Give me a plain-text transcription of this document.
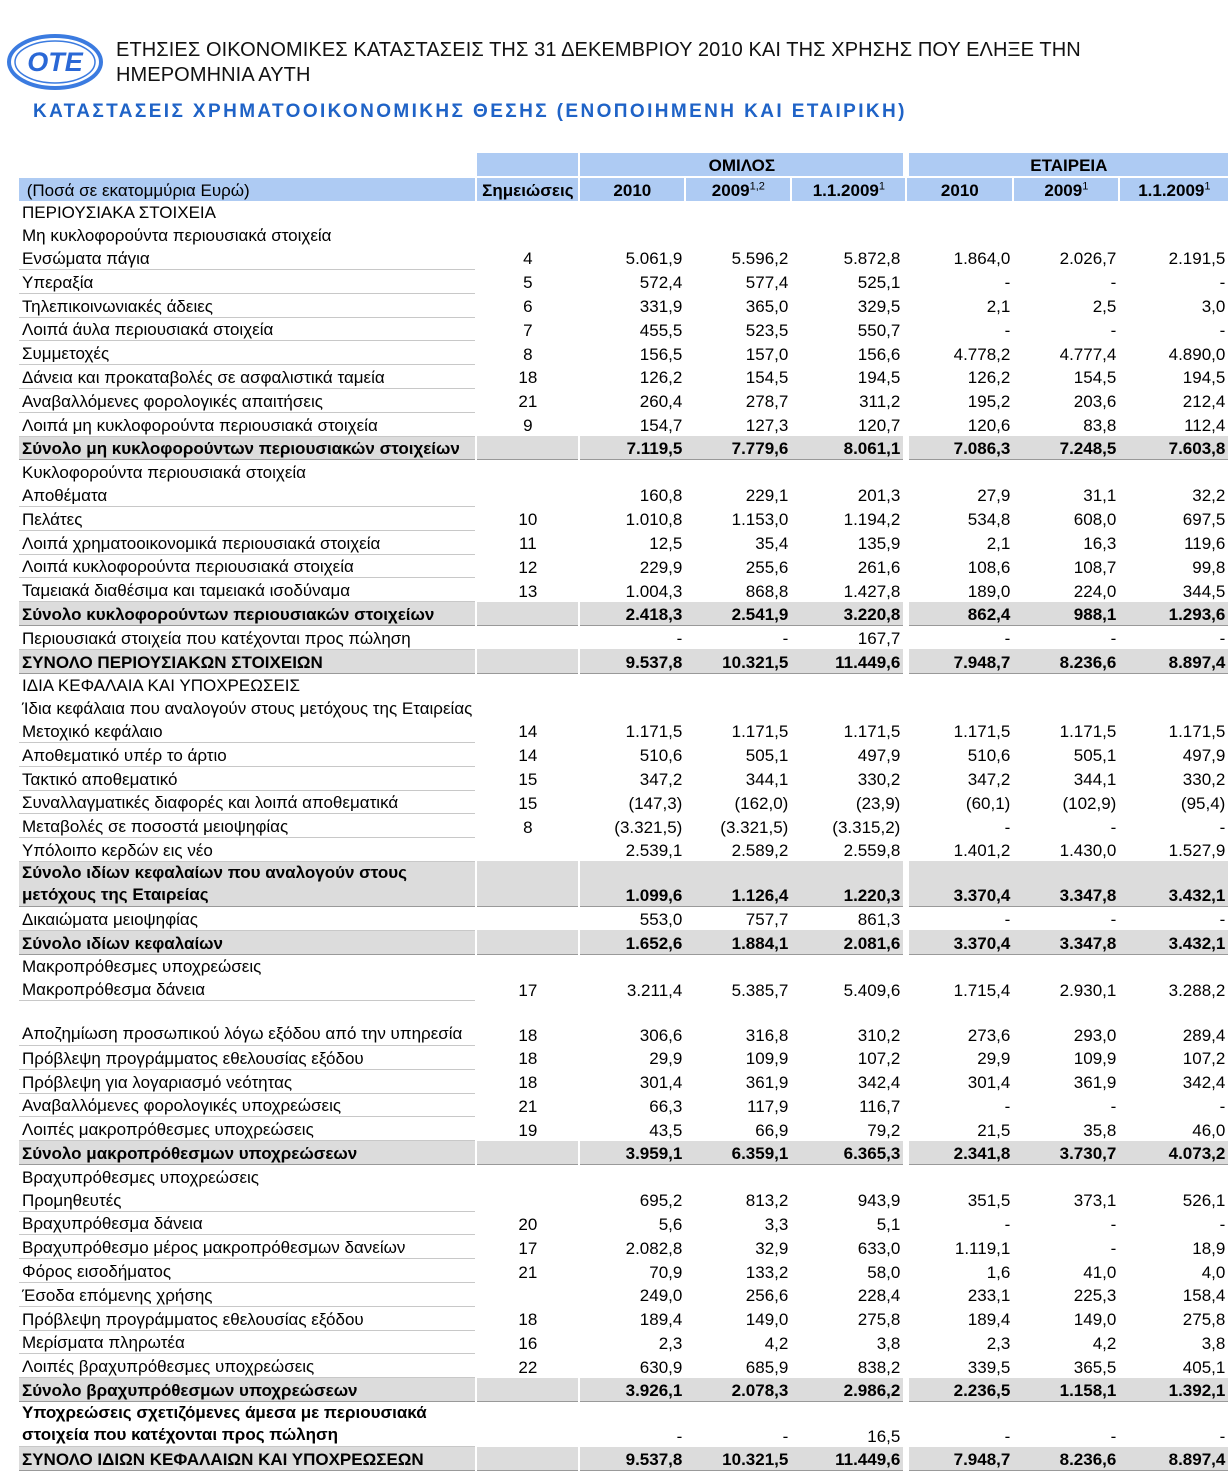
OTE ΕΤΗΣΙΕΣ ΟΙΚΟΝΟΜΙΚΕΣ ΚΑΤΑΣΤΑΣΕΙΣ ΤΗΣ 31 ΔΕΚΕΜΒΡΙΟΥ 2010 ΚΑΙ ΤΗΣ ΧΡΗΣΗΣ ΠΟΥ ΕΛΗΞΕ ΤΗΝ ΗΜΕΡΟΜΗΝΙΑ ΑΥΤΗ
ΚΑΤΑΣΤΑΣΕΙΣ ΧΡΗΜΑΤΟΟΙΚΟΝΟΜΙΚΗΣ ΘΕΣΗΣ (ΕΝΟΠΟΙΗΜΕΝΗ ΚΑΙ ΕΤΑΙΡΙΚΗ)
		ΟΜΙΛΟΣ			ΕΤΑΙΡΕΙΑ		
(Ποσά σε εκατομμύρια Ευρώ)	Σημειώσεις	2010	2009$^{1,2}$	1.1.2009$^1$	2010	2009$^1$	1.1.2009$^1$
ΠΕΡΙΟΥΣΙΑΚΑ ΣΤΟΙΧΕΙΑ							
Μη κυκλοφορούντα περιουσιακά στοιχεία							
Ενσώματα πάγια	4	5.061,9	5.596,2	5.872,8	1.864,0	2.026,7	2.191,5
Υπεραξία	5	572,4	577,4	525,1	-	-	-
Τηλεπικοινωνιακές άδειες	6	331,9	365,0	329,5	2,1	2,5	3,0
Λοιπά άυλα περιουσιακά στοιχεία	7	455,5	523,5	550,7	-	-	-
Συμμετοχές	8	156,5	157,0	156,6	4.778,2	4.777,4	4.890,0
Δάνεια και προκαταβολές σε ασφαλιστικά ταμεία	18	126,2	154,5	194,5	126,2	154,5	194,5
Αναβαλλόμενες φορολογικές απαιτήσεις	21	260,4	278,7	311,2	195,2	203,6	212,4
Λοιπά μη κυκλοφορούντα περιουσιακά στοιχεία	9	154,7	127,3	120,7	120,6	83,8	112,4
Σύνολο μη κυκλοφορούντων περιουσιακών στοιχείων		7.119,5	7.779,6	8.061,1	7.086,3	7.248,5	7.603,8
Κυκλοφορούντα περιουσιακά στοιχεία							
Αποθέματα		160,8	229,1	201,3	27,9	31,1	32,2
Πελάτες	10	1.010,8	1.153,0	1.194,2	534,8	608,0	697,5
Λοιπά χρηματοοικονομικά περιουσιακά στοιχεία	11	12,5	35,4	135,9	2,1	16,3	119,6
Λοιπά κυκλοφορούντα περιουσιακά στοιχεία	12	229,9	255,6	261,6	108,6	108,7	99,8
Ταμειακά διαθέσιμα και ταμειακά ισοδύναμα	13	1.004,3	868,8	1.427,8	189,0	224,0	344,5
Σύνολο κυκλοφορούντων περιουσιακών στοιχείων		2.418,3	2.541,9	3.220,8	862,4	988,1	1.293,6
Περιουσιακά στοιχεία που κατέχονται προς πώληση		-	-	167,7	-	-	-
ΣΥΝΟΛΟ ΠΕΡΙΟΥΣΙΑΚΩΝ ΣΤΟΙΧΕΙΩΝ		9.537,8	10.321,5	11.449,6	7.948,7	8.236,6	8.897,4
ΙΔΙΑ ΚΕΦΑΛΑΙΑ ΚΑΙ ΥΠΟΧΡΕΩΣΕΙΣ							
Ίδια κεφάλαια που αναλογούν στους μετόχους της Εταιρείας							
Μετοχικό κεφάλαιο	14	1.171,5	1.171,5	1.171,5	1.171,5	1.171,5	1.171,5
Αποθεματικό υπέρ το άρτιο	14	510,6	505,1	497,9	510,6	505,1	497,9
Τακτικό αποθεματικό	15	347,2	344,1	330,2	347,2	344,1	330,2
Συναλλαγματικές διαφορές και λοιπά αποθεματικά	15	(147,3)	(162,0)	(23,9)	(60,1)	(102,9)	(95,4)
Μεταβολές σε ποσοστά μειοψηφίας	8	(3.321,5)	(3.321,5)	(3.315,2)	-	-	-
Υπόλοιπο κερδών εις νέο		2.539,1	2.589,2	2.559,8	1.401,2	1.430,0	1.527,9
Σύνολο ιδίων κεφαλαίων που αναλογούν στους μετόχους της Εταιρείας		1.099,6	1.126,4	1.220,3	3.370,4	3.347,8	3.432,1
Δικαιώματα μειοψηφίας		553,0	757,7	861,3	-	-	-
Σύνολο ιδίων κεφαλαίων		1.652,6	1.884,1	2.081,6	3.370,4	3.347,8	3.432,1
Μακροπρόθεσμες υποχρεώσεις							
Μακροπρόθεσμα δάνεια	17	3.211,4	5.385,7	5.409,6	1.715,4	2.930,1	3.288,2
Αποζημίωση προσωπικού λόγω εξόδου από την υπηρεσία	18	306,6	316,8	310,2	273,6	293,0	289,4
Πρόβλεψη προγράμματος εθελουσίας εξόδου	18	29,9	109,9	107,2	29,9	109,9	107,2
Πρόβλεψη για λογαριασμό νεότητας	18	301,4	361,9	342,4	301,4	361,9	342,4
Αναβαλλόμενες φορολογικές υποχρεώσεις	21	66,3	117,9	116,7	-	-	-
Λοιπές μακροπρόθεσμες υποχρεώσεις	19	43,5	66,9	79,2	21,5	35,8	46,0
Σύνολο μακροπρόθεσμων υποχρεώσεων		3.959,1	6.359,1	6.365,3	2.341,8	3.730,7	4.073,2
Βραχυπρόθεσμες υποχρεώσεις							
Προμηθευτές		695,2	813,2	943,9	351,5	373,1	526,1
Βραχυπρόθεσμα δάνεια	20	5,6	3,3	5,1	-	-	-
Βραχυπρόθεσμο μέρος μακροπρόθεσμων δανείων	17	2.082,8	32,9	633,0	1.119,1	-	18,9
Φόρος εισοδήματος	21	70,9	133,2	58,0	1,6	41,0	4,0
Έσοδα επόμενης χρήσης		249,0	256,6	228,4	233,1	225,3	158,4
Πρόβλεψη προγράμματος εθελουσίας εξόδου	18	189,4	149,0	275,8	189,4	149,0	275,8
Μερίσματα πληρωτέα	16	2,3	4,2	3,8	2,3	4,2	3,8
Λοιπές βραχυπρόθεσμες υποχρεώσεις	22	630,9	685,9	838,2	339,5	365,5	405,1
Σύνολο βραχυπρόθεσμων υποχρεώσεων		3.926,1	2.078,3	2.986,2	2.236,5	1.158,1	1.392,1
Υποχρεώσεις σχετιζόμενες άμεσα με περιουσιακά στοιχεία που κατέχονται προς πώληση		-	-	16,5	-	-	-
ΣΥΝΟΛΟ ΙΔΙΩΝ ΚΕΦΑΛΑΙΩΝ ΚΑΙ ΥΠΟΧΡΕΩΣΕΩΝ		9.537,8	10.321,5	11.449,6	7.948,7	8.236,6	8.897,4
